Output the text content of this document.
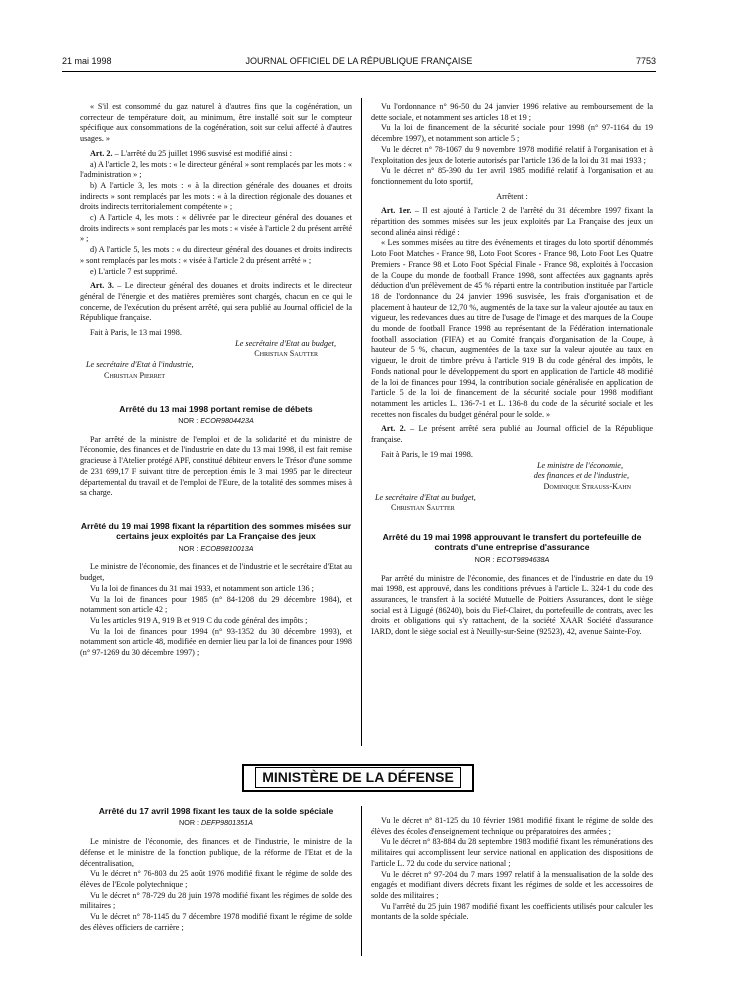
21 mai 1998	JOURNAL OFFICIEL DE LA RÉPUBLIQUE FRANÇAISE	7753

« S'il est consommé du gaz naturel à d'autres fins que la cogénération, un correcteur de température doit, au minimum, être installé soit sur le compteur spécifique aux consommations de la cogénération, soit sur celui affecté à d'autres usages. »

Art. 2. – L'arrêté du 25 juillet 1996 susvisé est modifié ainsi :

a) A l'article 2, les mots : « le directeur général » sont remplacés par les mots : « l'administration » ;

b) A l'article 3, les mots : « à la direction générale des douanes et droits indirects » sont remplacés par les mots : « à la direction régionale des douanes et droits indirects territorialement compétente » ;

c) A l'article 4, les mots : « délivrée par le directeur général des douanes et droits indirects » sont remplacés par les mots : « visée à l'article 2 du présent arrêté » ;

d) A l'article 5, les mots : « du directeur général des douanes et droits indirects » sont remplacés par les mots : « visée à l'article 2 du présent arrêté » ;

e) L'article 7 est supprimé.

Art. 3. – Le directeur général des douanes et droits indirects et le directeur général de l'énergie et des matières premières sont chargés, chacun en ce qui le concerne, de l'exécution du présent arrêté, qui sera publié au Journal officiel de la République française.

Fait à Paris, le 13 mai 1998.

Le secrétaire d'Etat au budget,

Christian Sautter

Le secrétaire d'Etat à l'industrie,

Christian Pierret

Arrêté du 13 mai 1998 portant remise de débets

NOR : ECOR9804423A

Par arrêté de la ministre de l'emploi et de la solidarité et du ministre de l'économie, des finances et de l'industrie en date du 13 mai 1998, il est fait remise gracieuse à l'Atelier protégé APF, constitué débiteur envers le Trésor d'une somme de 231 699,17 F suivant titre de perception émis le 3 mai 1995 par le directeur départemental du travail et de l'emploi de l'Eure, de la totalité des sommes mises à sa charge.

Arrêté du 19 mai 1998 fixant la répartition des sommes misées sur certains jeux exploités par La Française des jeux

NOR : ECOB9810013A

Le ministre de l'économie, des finances et de l'industrie et le secrétaire d'Etat au budget,

Vu la loi de finances du 31 mai 1933, et notamment son article 136 ;

Vu la loi de finances pour 1985 (n° 84-1208 du 29 décembre 1984), et notamment son article 42 ;

Vu les articles 919 A, 919 B et 919 C du code général des impôts ;

Vu la loi de finances pour 1994 (n° 93-1352 du 30 décembre 1993), et notamment son article 48, modifiée en dernier lieu par la loi de finances pour 1998 (n° 97-1269 du 30 décembre 1997) ;

Vu l'ordonnance n° 96-50 du 24 janvier 1996 relative au remboursement de la dette sociale, et notamment ses articles 18 et 19 ;

Vu la loi de financement de la sécurité sociale pour 1998 (n° 97-1164 du 19 décembre 1997), et notamment son article 5 ;

Vu le décret n° 78-1067 du 9 novembre 1978 modifié relatif à l'organisation et à l'exploitation des jeux de loterie autorisés par l'article 136 de la loi du 31 mai 1933 ;

Vu le décret n° 85-390 du 1er avril 1985 modifié relatif à l'organisation et au fonctionnement du loto sportif,

Arrêtent :

Art. 1er. – Il est ajouté à l'article 2 de l'arrêté du 31 décembre 1997 fixant la répartition des sommes misées sur les jeux exploités par La Française des jeux un second alinéa ainsi rédigé :

« Les sommes misées au titre des événements et tirages du loto sportif dénommés Loto Foot Matches - France 98, Loto Foot Scores - France 98, Loto Foot Les Quatre Premiers - France 98 et Loto Foot Spécial Finale - France 98, exploités à l'occasion de la Coupe du monde de football France 1998, sont affectées aux gagnants après déduction d'un prélèvement de 45 % réparti entre la contribution instituée par l'article 18 de l'ordonnance du 24 janvier 1996 susvisée, les frais d'organisation et de placement à hauteur de 12,70 %, augmentés de la taxe sur la valeur ajoutée au taux en vigueur, les redevances dues au titre de l'usage de l'image et des marques de la Coupe du monde de football France 1998 au représentant de la Fédération internationale football association (FIFA) et au Comité français d'organisation de la Coupe, à hauteur de 5 %, chacun, augmentées de la taxe sur la valeur ajoutée au taux en vigueur, le droit de timbre prévu à l'article 919 B du code général des impôts, le Fonds national pour le développement du sport en application de l'article 48 modifié de la loi de finances pour 1994, la contribution sociale généralisée en application de l'article 5 de la loi de financement de la sécurité sociale pour 1998 modifiant notamment les articles L. 136-7-1 et L. 136-8 du code de la sécurité sociale et les recettes non fiscales du budget général pour le solde. »

Art. 2. – Le présent arrêté sera publié au Journal officiel de la République française.

Fait à Paris, le 19 mai 1998.

Le ministre de l'économie,

des finances et de l'industrie,

Dominique Strauss-Kahn

Le secrétaire d'Etat au budget,

Christian Sautter

Arrêté du 19 mai 1998 approuvant le transfert du portefeuille de contrats d'une entreprise d'assurance

NOR : ECOT9894638A

Par arrêté du ministre de l'économie, des finances et de l'industrie en date du 19 mai 1998, est approuvé, dans les conditions prévues à l'article L. 324-1 du code des assurances, le transfert à la société Mutuelle de Poitiers Assurances, dont le siège social est à Ligugé (86240), bois du Fief-Clairet, du portefeuille de contrats, avec les droits et obligations qui s'y rattachent, de la société XAAR Société d'assurance IARD, dont le siège social est à Neuilly-sur-Seine (92523), 42, avenue Sainte-Foy.

MINISTÈRE DE LA DÉFENSE
Arrêté du 17 avril 1998 fixant les taux de la solde spéciale

NOR : DEFP9801351A

Le ministre de l'économie, des finances et de l'industrie, le ministre de la défense et le ministre de la fonction publique, de la réforme de l'Etat et de la décentralisation,

Vu le décret n° 76-803 du 25 août 1976 modifié fixant le régime de solde des élèves de l'Ecole polytechnique ;

Vu le décret n° 78-729 du 28 juin 1978 modifié fixant les régimes de solde des militaires ;

Vu le décret n° 78-1145 du 7 décembre 1978 modifié fixant le régime de solde des élèves officiers de carrière ;

Vu le décret n° 81-125 du 10 février 1981 modifié fixant le régime de solde des élèves des écoles d'enseignement technique ou préparatoires des armées ;

Vu le décret n° 83-884 du 28 septembre 1983 modifié fixant les rémunérations des militaires qui accomplissent leur service national en application des dispositions de l'article L. 72 du code du service national ;

Vu le décret n° 97-204 du 7 mars 1997 relatif à la mensualisation de la solde des engagés et modifiant divers décrets fixant les régimes de solde et les accessoires de solde des militaires ;

Vu l'arrêté du 25 juin 1987 modifié fixant les coefficients utilisés pour calculer les montants de la solde spéciale.
